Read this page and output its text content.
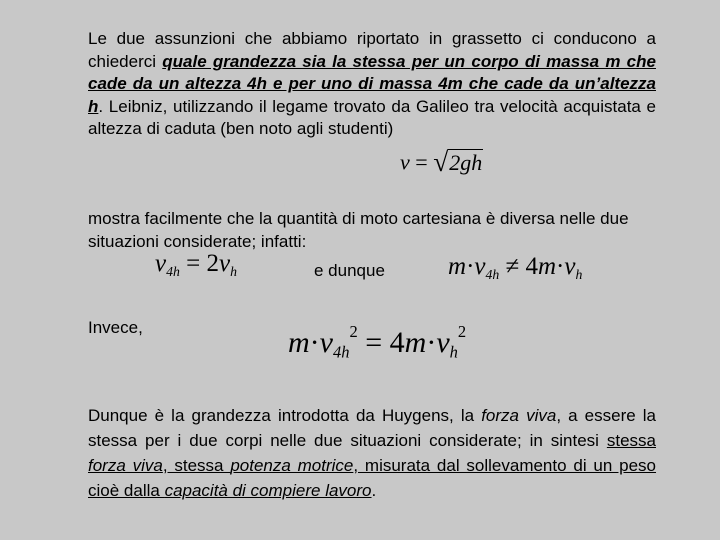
Le due assunzioni che abbiamo riportato in grassetto ci conducono a chiederci quale grandezza sia la stessa per un corpo di massa m che cade da un altezza 4h e per uno di massa 4m che cade da un’altezza h. Leibniz, utilizzando il legame trovato da Galileo tra velocità acquistata e altezza di caduta (ben noto agli studenti)
v = √2gh
mostra facilmente che la quantità di moto cartesiana è diversa nelle due situazioni considerate; infatti:
$v_{4h} = 2v_h$	e dunque	$m\cdot v_{4h} \ne 4m\cdot v_h$
Invece,	$m\cdot v_{4h}^2 = 4m\cdot v_h^2$
Dunque è la grandezza introdotta da Huygens, la forza viva, a essere la stessa per i due corpi nelle due situazioni considerate; in sintesi stessa forza viva, stessa potenza motrice, misurata dal sollevamento di un peso cioè dalla capacità di compiere lavoro.
